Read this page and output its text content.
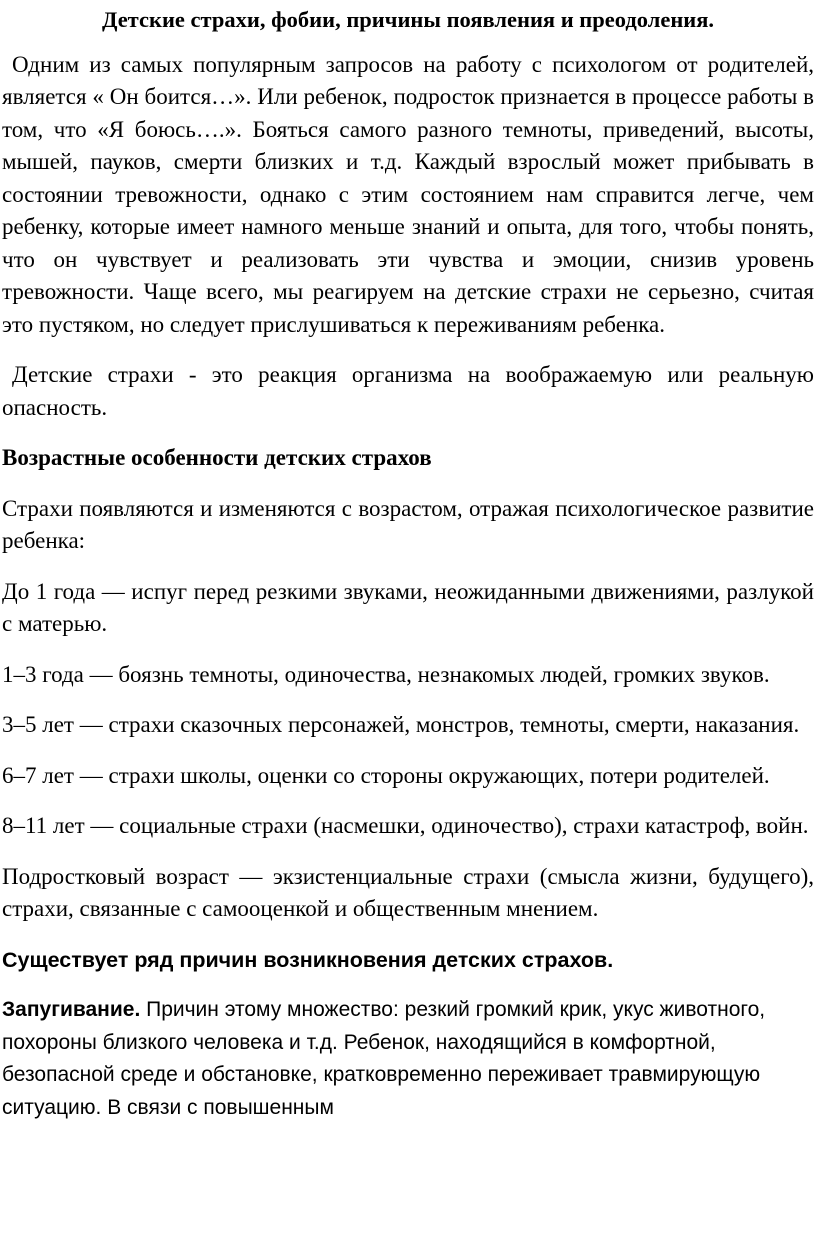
Детские страхи, фобии, причины появления и преодоления.

Одним из самых популярным запросов на работу с психологом от родителей, является « Он боится…». Или ребенок, подросток признается в процессе работы в том, что «Я боюсь….». Бояться самого разного темноты, приведений, высоты, мышей, пауков, смерти близких и т.д. Каждый взрослый может прибывать в состоянии тревожности, однако с этим состоянием нам справится легче, чем ребенку, которые имеет намного меньше знаний и опыта, для того, чтобы понять, что он чувствует и реализовать эти чувства и эмоции, снизив уровень тревожности. Чаще всего, мы реагируем на детские страхи не серьезно, считая это пустяком, но следует прислушиваться к переживаниям ребенка.

Детские страхи - это реакция организма на воображаемую или реальную опасность.

Возрастные особенности детских страхов

Страхи появляются и изменяются с возрастом, отражая психологическое развитие ребенка:

До 1 года — испуг перед резкими звуками, неожиданными движениями, разлукой с матерью.

1–3 года — боязнь темноты, одиночества, незнакомых людей, громких звуков.

3–5 лет — страхи сказочных персонажей, монстров, темноты, смерти, наказания.

6–7 лет — страхи школы, оценки со стороны окружающих, потери родителей.

8–11 лет — социальные страхи (насмешки, одиночество), страхи катастроф, войн.

Подростковый возраст — экзистенциальные страхи (смысла жизни, будущего), страхи, связанные с самооценкой и общественным мнением.

Существует ряд причин возникновения детских страхов.

Запугивание. Причин этому множество: резкий громкий крик, укус животного, похороны близкого человека и т.д. Ребенок, находящийся в комфортной, безопасной среде и обстановке, кратковременно переживает травмирующую ситуацию. В связи с повышенным
